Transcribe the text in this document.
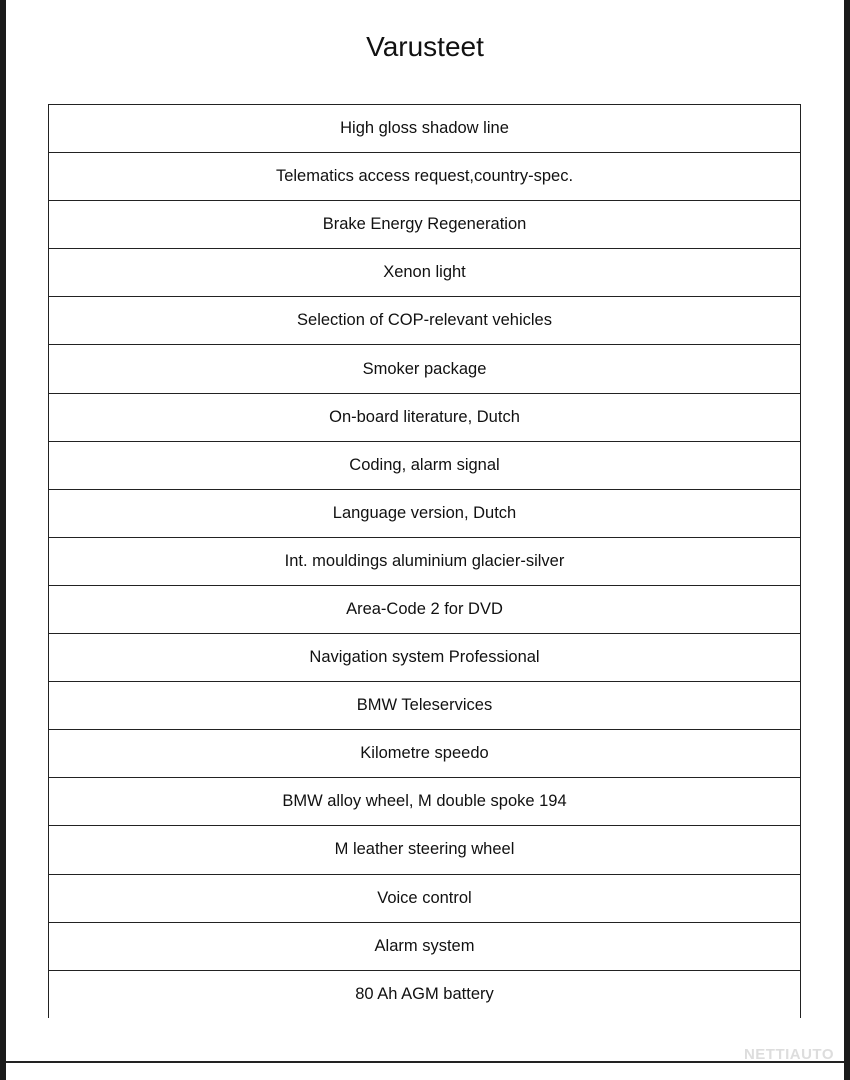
Varusteet
High gloss shadow line
Telematics access request,country-spec.
Brake Energy Regeneration
Xenon light
Selection of COP-relevant vehicles
Smoker package
On-board literature, Dutch
Coding, alarm signal
Language version, Dutch
Int. mouldings aluminium glacier-silver
Area-Code 2 for DVD
Navigation system Professional
BMW Teleservices
Kilometre speedo
BMW alloy wheel, M double spoke 194
M leather steering wheel
Voice control
Alarm system
80 Ah AGM battery
NETTIAUTO
